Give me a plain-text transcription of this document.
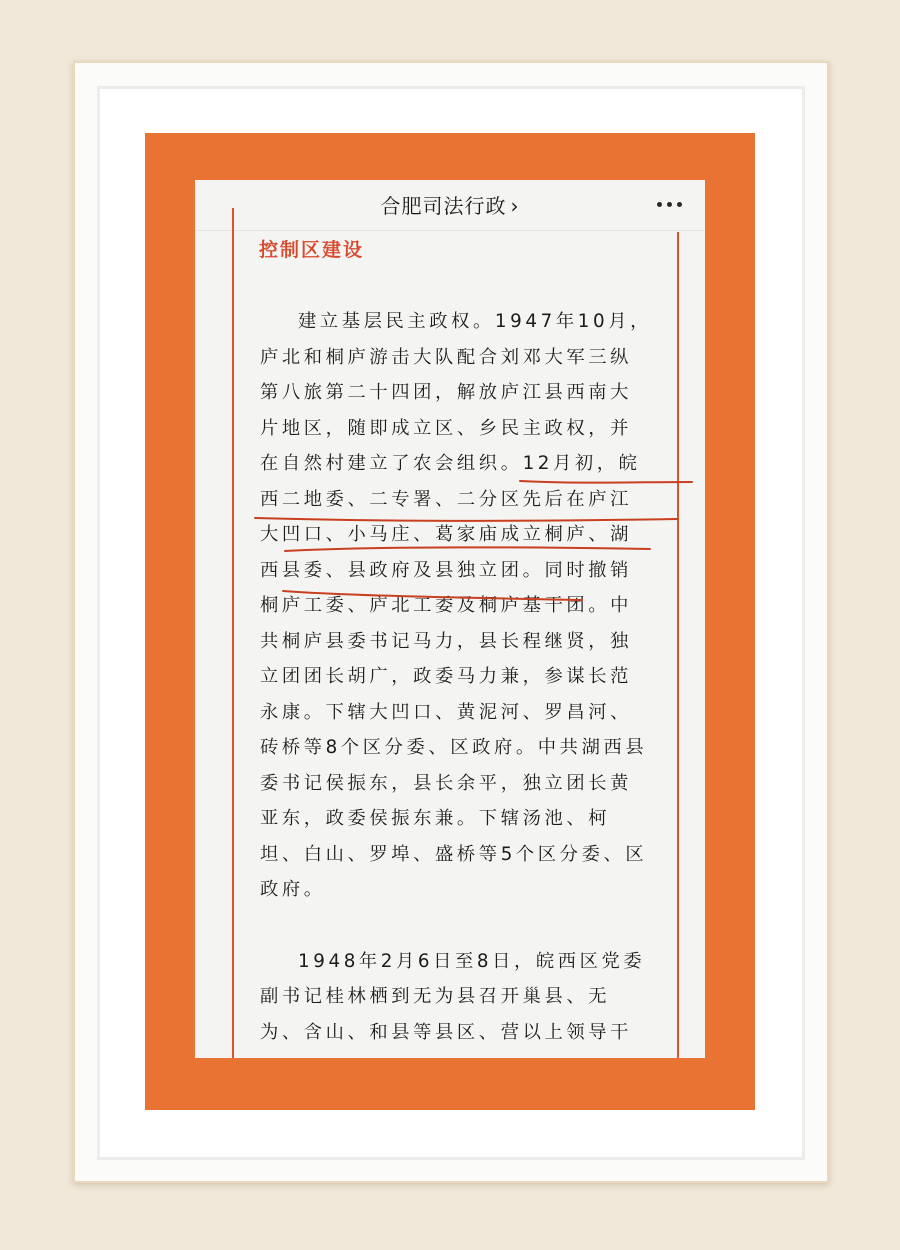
合肥司法行政 ›
控制区建设
建立基层民主政权。1947年10月，
庐北和桐庐游击大队配合刘邓大军三纵
第八旅第二十四团，解放庐江县西南大
片地区，随即成立区、乡民主政权，并
在自然村建立了农会组织。12月初，皖
西二地委、二专署、二分区先后在庐江
大凹口、小马庄、葛家庙成立桐庐、湖
西县委、县政府及县独立团。同时撤销
桐庐工委、庐北工委及桐庐基干团。中
共桐庐县委书记马力，县长程继贤，独
立团团长胡广，政委马力兼，参谋长范
永康。下辖大凹口、黄泥河、罗昌河、
砖桥等8个区分委、区政府。中共湖西县
委书记侯振东，县长余平，独立团长黄
亚东，政委侯振东兼。下辖汤池、柯
坦、白山、罗埠、盛桥等5个区分委、区
政府。
1948年2月6日至8日，皖西区党委
副书记桂林栖到无为县召开巢县、无
为、含山、和县等县区、营以上领导干
